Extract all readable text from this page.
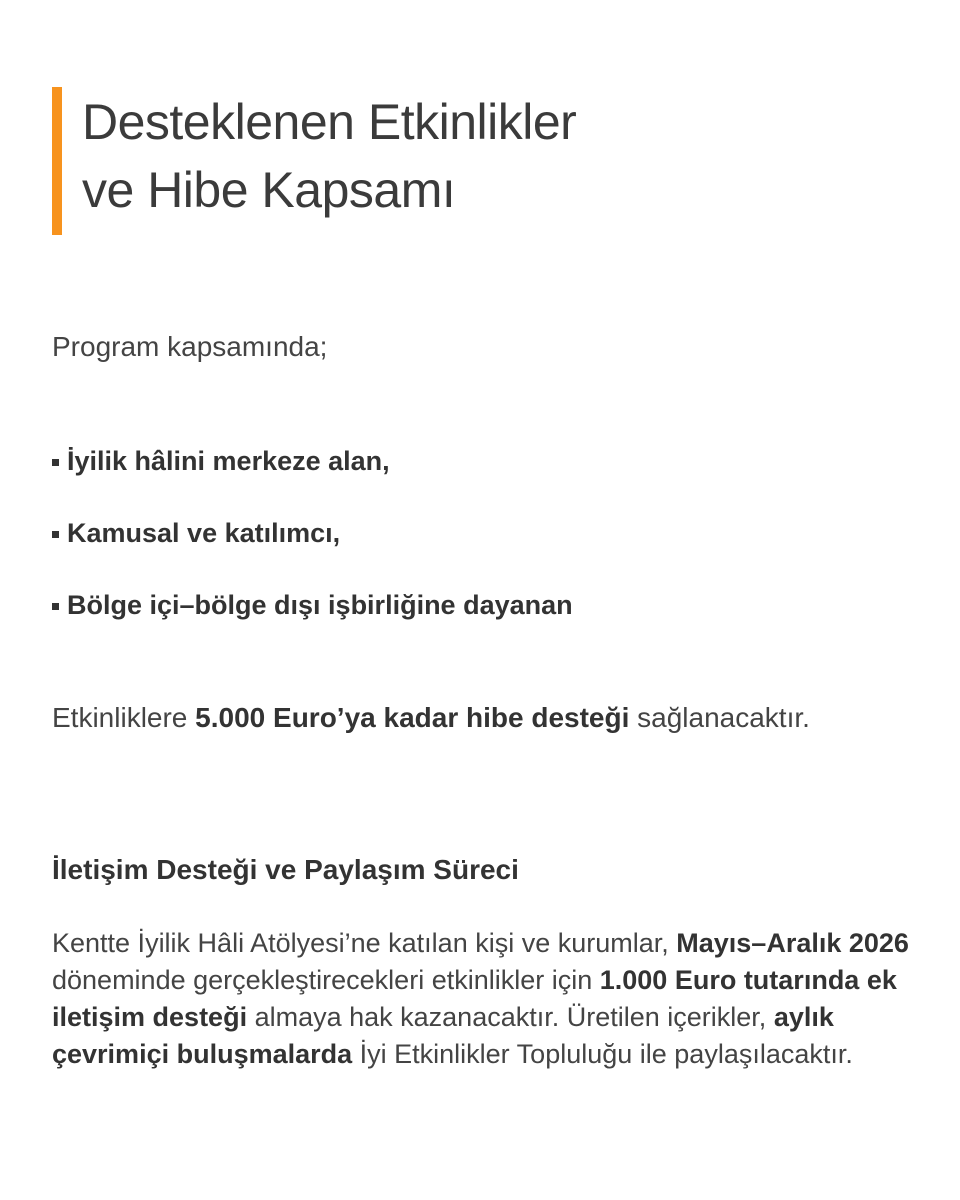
Desteklenen Etkinlikler
ve Hibe Kapsamı

Program kapsamında;

İyilik hâlini merkeze alan,
Kamusal ve katılımcı,
Bölge içi–bölge dışı işbirliğine dayanan

Etkinliklere 5.000 Euro’ya kadar hibe desteği sağlanacaktır.

İletişim Desteği ve Paylaşım Süreci

Kentte İyilik Hâli Atölyesi’ne katılan kişi ve kurumlar, Mayıs–Aralık 2026 döneminde gerçekleştirecekleri etkinlikler için 1.000 Euro tutarında ek iletişim desteği almaya hak kazanacaktır. Üretilen içerikler, aylık çevrimiçi buluşmalarda İyi Etkinlikler Topluluğu ile paylaşılacaktır.
